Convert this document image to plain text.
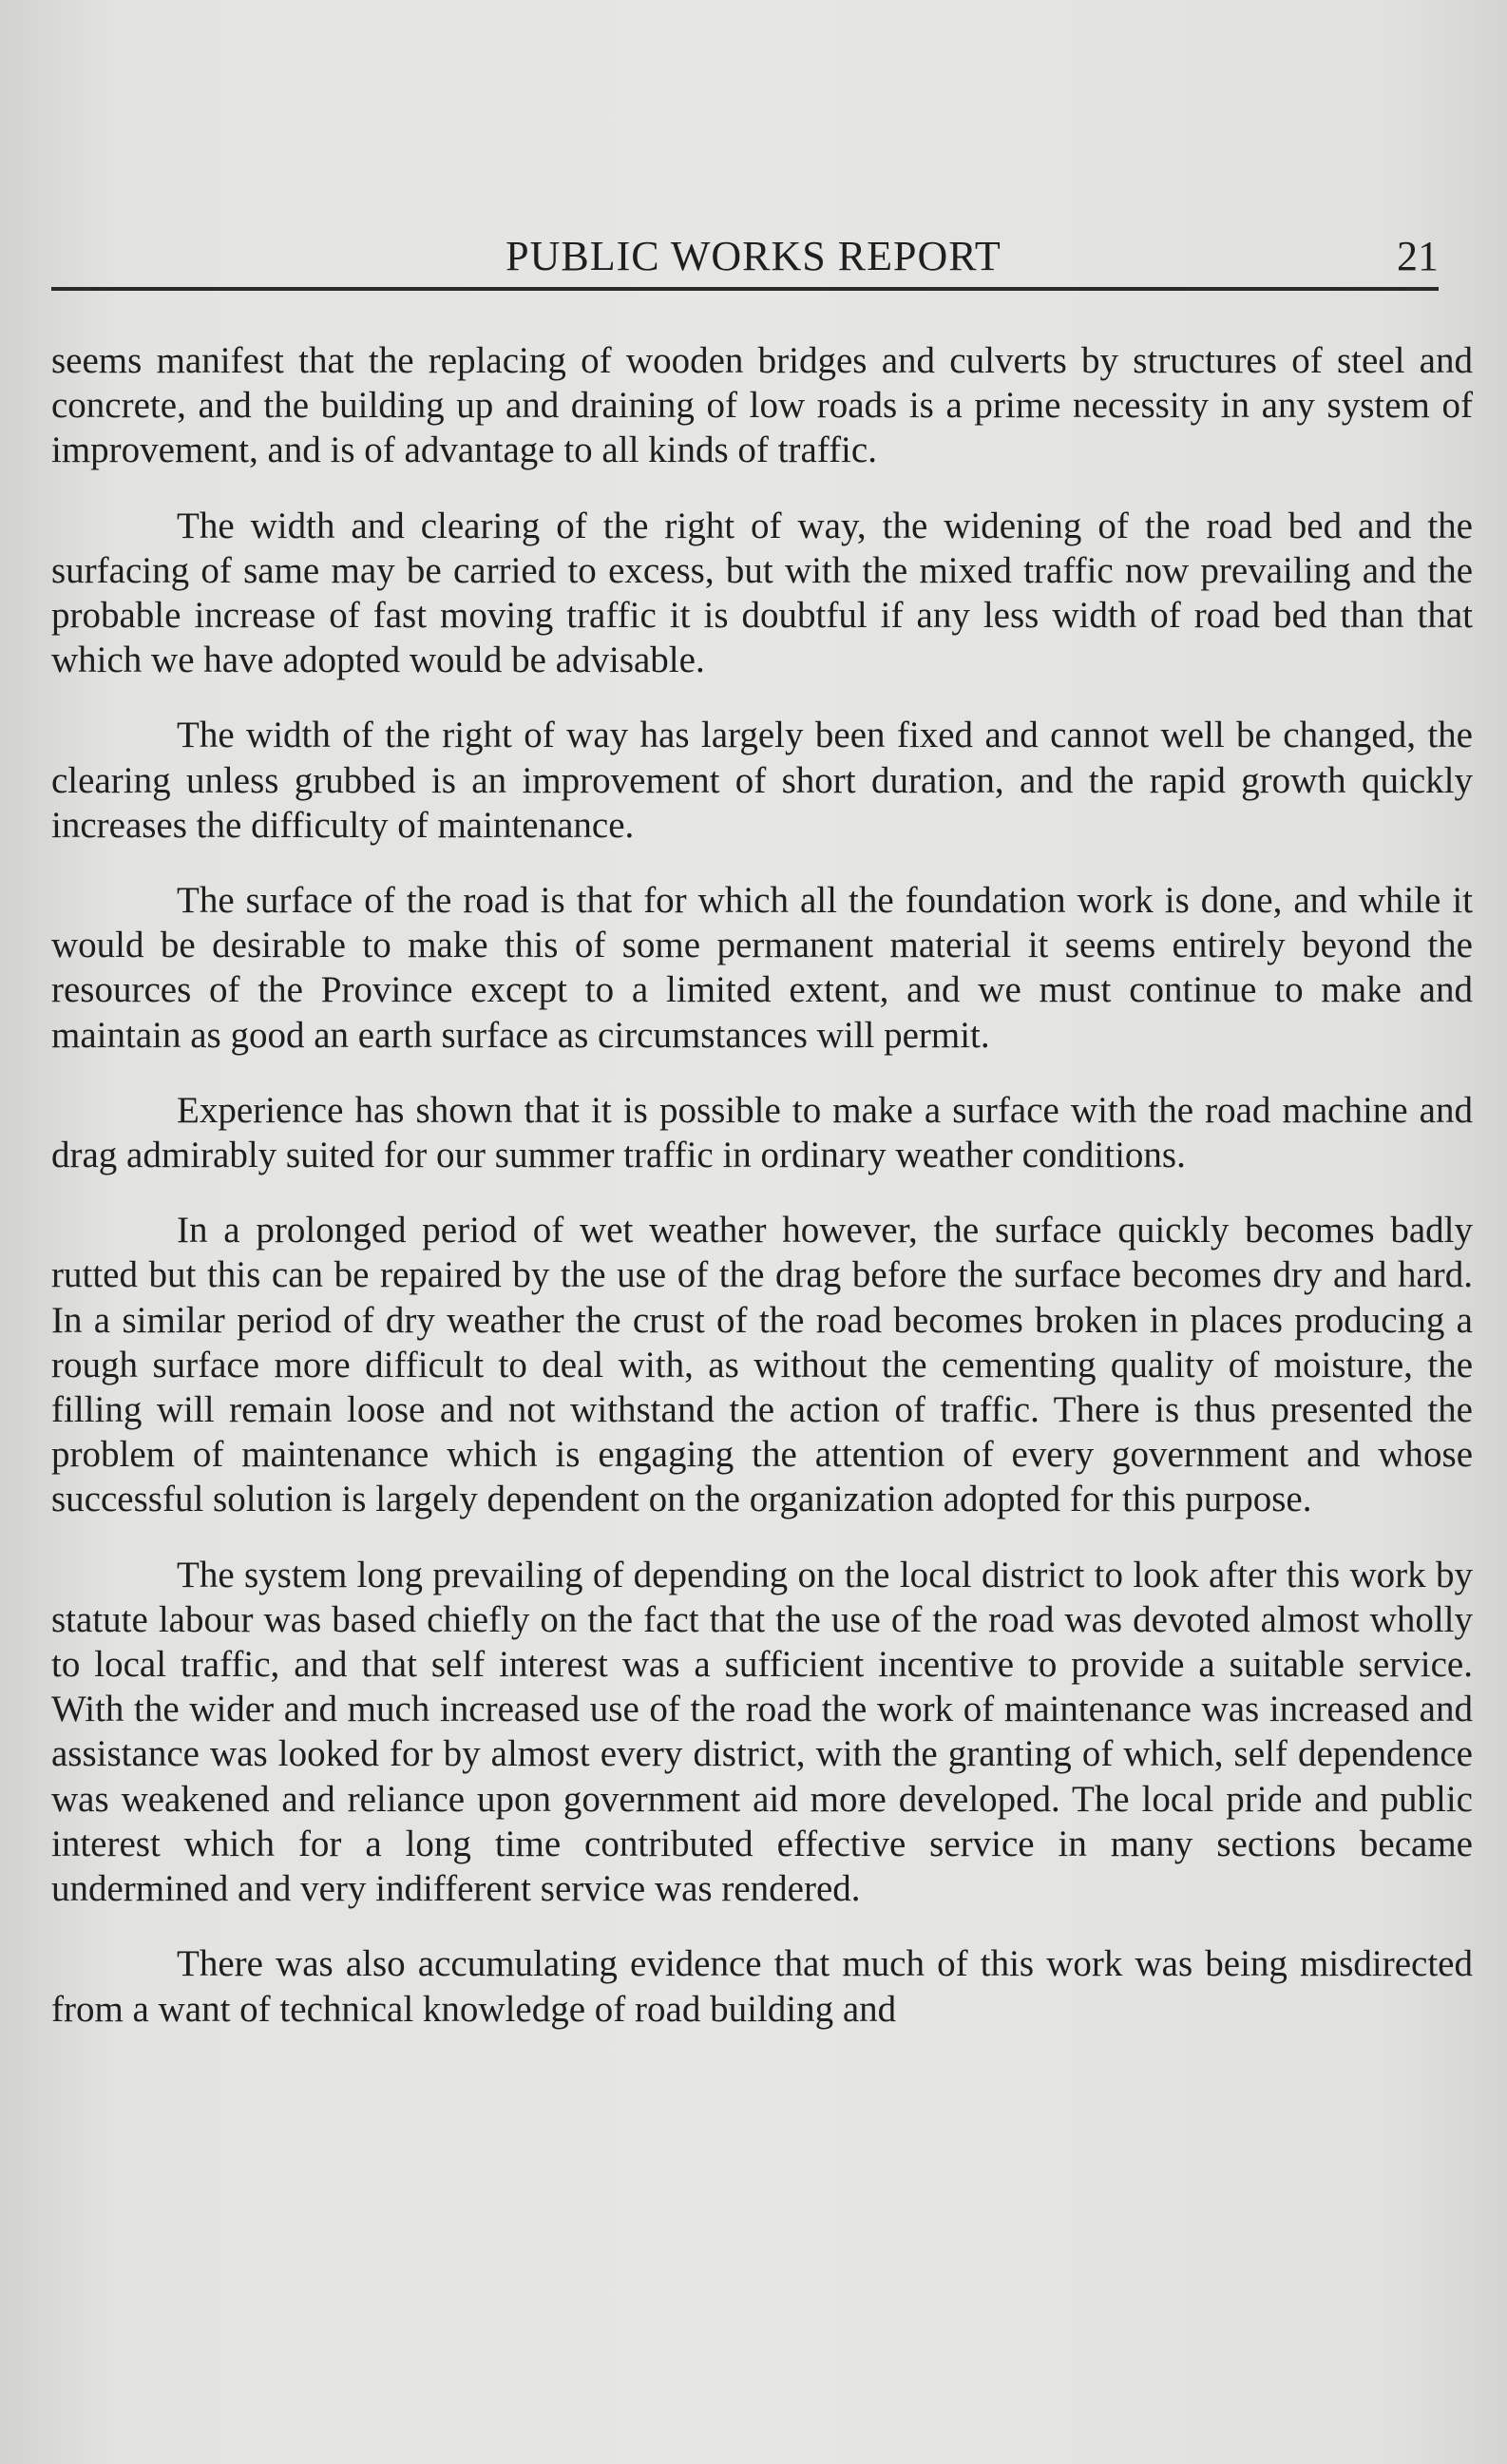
PUBLIC WORKS REPORT	21

seems manifest that the replacing of wooden bridges and culverts by structures of steel and concrete, and the building up and draining of low roads is a prime necessity in any system of improvement, and is of advantage to all kinds of traffic.

The width and clearing of the right of way, the widening of the road bed and the surfacing of same may be carried to excess, but with the mixed traffic now prevailing and the probable increase of fast moving traffic it is doubtful if any less width of road bed than that which we have adopted would be advisable.

The width of the right of way has largely been fixed and cannot well be changed, the clearing unless grubbed is an improvement of short duration, and the rapid growth quickly increases the difficulty of maintenance.

The surface of the road is that for which all the foundation work is done, and while it would be desirable to make this of some permanent material it seems entirely beyond the resources of the Province except to a limited extent, and we must continue to make and maintain as good an earth surface as circumstances will permit.

Experience has shown that it is possible to make a surface with the road machine and drag admirably suited for our summer traffic in ordinary weather conditions.

In a prolonged period of wet weather however, the surface quickly becomes badly rutted but this can be repaired by the use of the drag before the surface becomes dry and hard. In a similar period of dry weather the crust of the road becomes broken in places producing a rough surface more difficult to deal with, as without the cementing quality of moisture, the filling will remain loose and not withstand the action of traffic. There is thus presented the problem of maintenance which is engaging the attention of every government and whose successful solution is largely dependent on the organization adopted for this purpose.

The system long prevailing of depending on the local district to look after this work by statute labour was based chiefly on the fact that the use of the road was devoted almost wholly to local traffic, and that self interest was a sufficient incentive to provide a suitable service. With the wider and much increased use of the road the work of maintenance was increased and assistance was looked for by almost every district, with the granting of which, self dependence was weakened and reliance upon government aid more developed. The local pride and public interest which for a long time contributed effective service in many sections became undermined and very indifferent service was rendered.

There was also accumulating evidence that much of this work was being misdirected from a want of technical knowledge of road building and
